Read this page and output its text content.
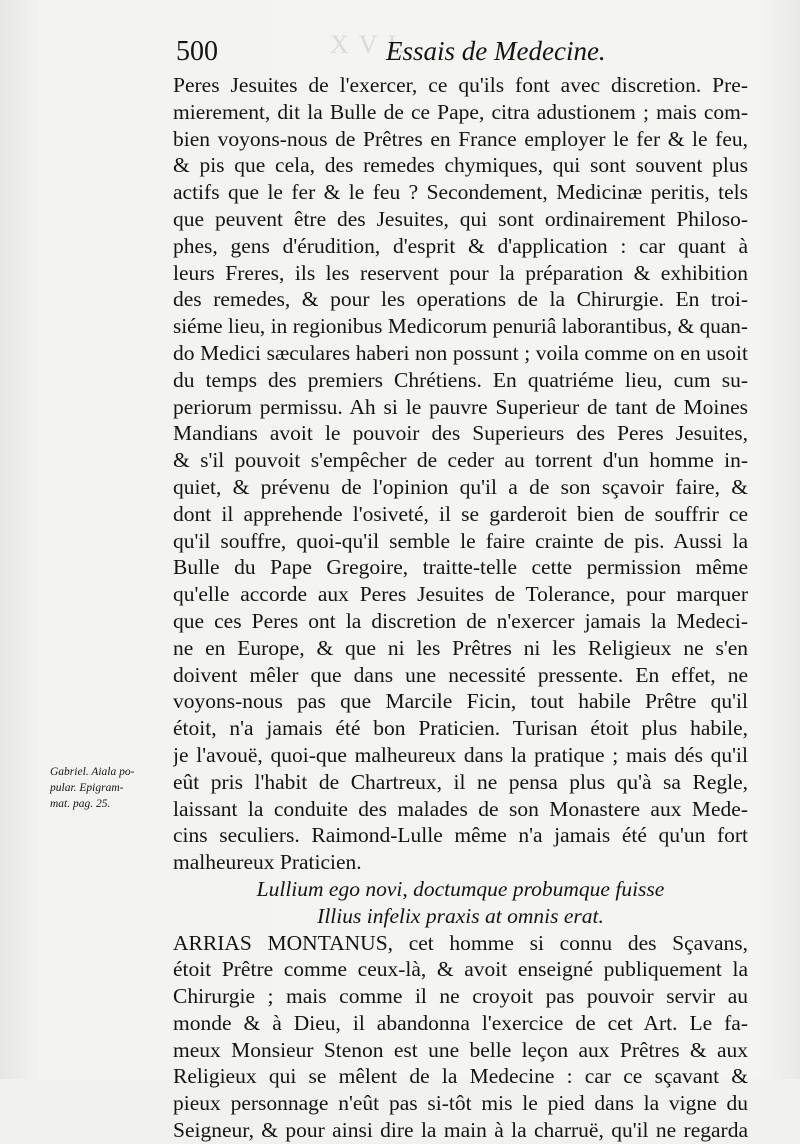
X V I.
500	Essais de Medecine.
Gabriel. Aiala po-
pular. Epigram-
mat. pag. 25.
Peres Jesuites de l'exercer, ce qu'ils font avec discretion. Pre-
mierement, dit la Bulle de ce Pape, citra adustionem ; mais com-
bien voyons-nous de Prêtres en France employer le fer & le feu,
& pis que cela, des remedes chymiques, qui sont souvent plus
actifs que le fer & le feu ? Secondement, Medicinæ peritis, tels
que peuvent être des Jesuites, qui sont ordinairement Philoso-
phes, gens d'érudition, d'esprit & d'application : car quant à
leurs Freres, ils les reservent pour la préparation & exhibition
des remedes, & pour les operations de la Chirurgie. En troi-
siéme lieu, in regionibus Medicorum penuriâ laborantibus, & quan-
do Medici sæculares haberi non possunt ; voila comme on en usoit
du temps des premiers Chrétiens. En quatriéme lieu, cum su-
periorum permissu. Ah si le pauvre Superieur de tant de Moines
Mandians avoit le pouvoir des Superieurs des Peres Jesuites,
& s'il pouvoit s'empêcher de ceder au torrent d'un homme in-
quiet, & prévenu de l'opinion qu'il a de son sçavoir faire, &
dont il apprehende l'osiveté, il se garderoit bien de souffrir ce
qu'il souffre, quoi-qu'il semble le faire crainte de pis. Aussi la
Bulle du Pape Gregoire, traitte-telle cette permission même
qu'elle accorde aux Peres Jesuites de Tolerance, pour marquer
que ces Peres ont la discretion de n'exercer jamais la Medeci-
ne en Europe, & que ni les Prêtres ni les Religieux ne s'en
doivent mêler que dans une necessité pressente. En effet, ne
voyons-nous pas que Marcile Ficin, tout habile Prêtre qu'il
étoit, n'a jamais été bon Praticien. Turisan étoit plus habile,
je l'avouë, quoi-que malheureux dans la pratique ; mais dés qu'il
eût pris l'habit de Chartreux, il ne pensa plus qu'à sa Regle,
laissant la conduite des malades de son Monastere aux Mede-
cins seculiers. Raimond-Lulle même n'a jamais été qu'un fort
malheureux Praticien.
Lullium ego novi, doctumque probumque fuisse
Illius infelix praxis at omnis erat.
ARRIAS MONTANUS, cet homme si connu des Sçavans,
étoit Prêtre comme ceux-là, & avoit enseigné publiquement la
Chirurgie ; mais comme il ne croyoit pas pouvoir servir au
monde & à Dieu, il abandonna l'exercice de cet Art. Le fa-
meux Monsieur Stenon est une belle leçon aux Prêtres & aux
Religieux qui se mêlent de la Medecine : car ce sçavant &
pieux personnage n'eût pas si-tôt mis le pied dans la vigne du
Seigneur, & pour ainsi dire la main à la charruë, qu'il ne regarda
